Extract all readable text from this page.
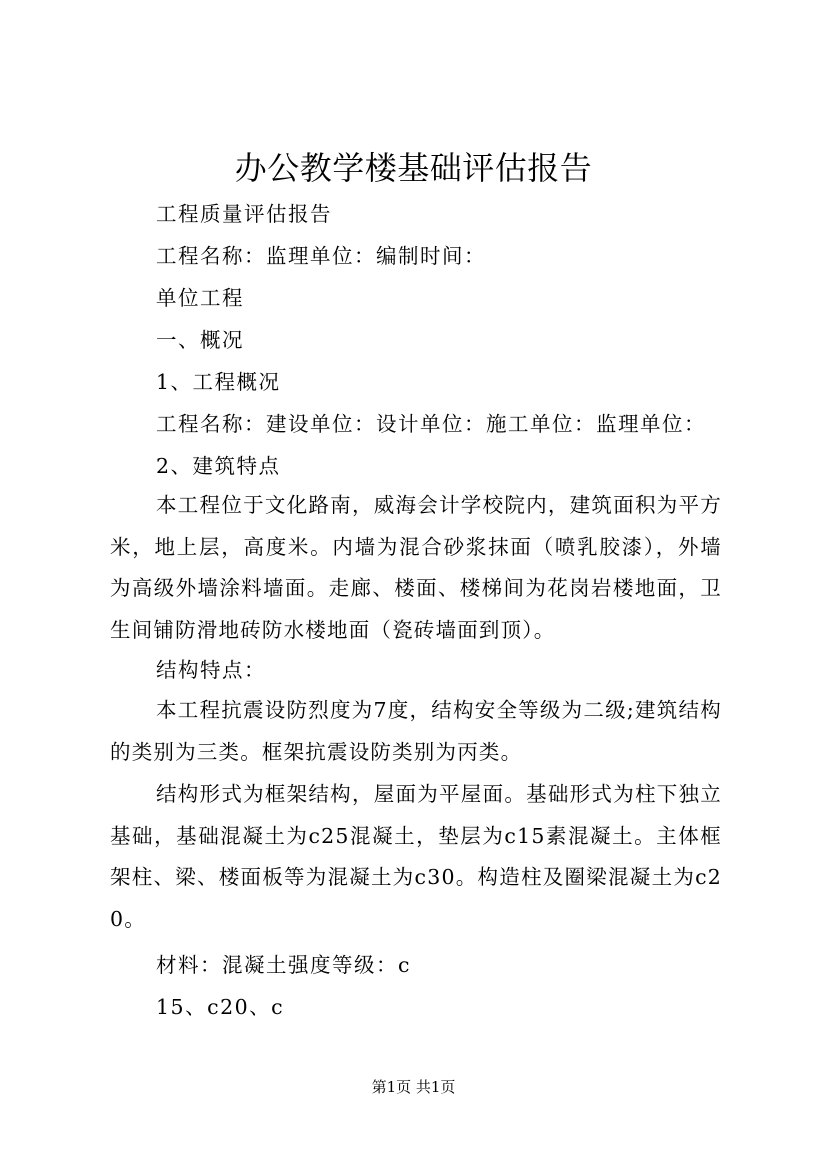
办公教学楼基础评估报告
工程质量评估报告
工程名称：监理单位：编制时间：
单位工程
一、概况
1、工程概况
工程名称：建设单位：设计单位：施工单位：监理单位：
2、建筑特点
本工程位于文化路南，威海会计学校院内，建筑面积为平方米，地上层，高度米。内墙为混合砂浆抹面（喷乳胶漆），外墙为高级外墙涂料墙面。走廊、楼面、楼梯间为花岗岩楼地面，卫生间铺防滑地砖防水楼地面（瓷砖墙面到顶）。
结构特点：
本工程抗震设防烈度为7度，结构安全等级为二级;建筑结构的类别为三类。框架抗震设防类别为丙类。
结构形式为框架结构，屋面为平屋面。基础形式为柱下独立基础，基础混凝土为c25混凝土，垫层为c15素混凝土。主体框架柱、梁、楼面板等为混凝土为c30。构造柱及圈梁混凝土为c20。
材料：混凝土强度等级：c
15、c20、c
第1页 共1页
